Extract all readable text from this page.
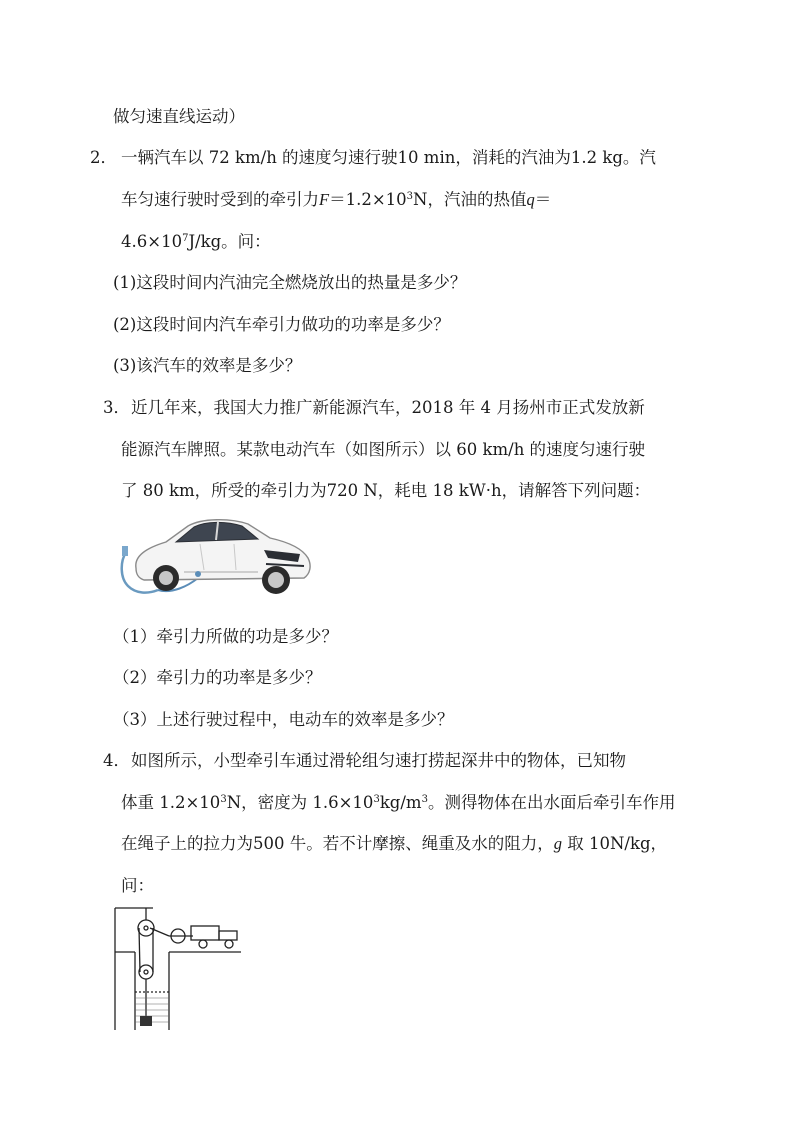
做匀速直线运动）
2． 一辆汽车以 72 km/h 的速度匀速行驶10 min，消耗的汽油为1.2 kg。汽
车匀速行驶时受到的牵引力$F=1.2\times 10^3N$，汽油的热值q＝
$4.6\times 10^7J/kg$。问：
(1)这段时间内汽油完全燃烧放出的热量是多少？
(2)这段时间内汽车牵引力做功的功率是多少？
(3)该汽车的效率是多少？
3． 近几年来，我国大力推广新能源汽车，2018 年 4 月扬州市正式发放新
能源汽车牌照。某款电动汽车（如图所示）以 60 km/h 的速度匀速行驶
了 80 km，所受的牵引力为720 N，耗电 18 kW·h，请解答下列问题：
（1）牵引力所做的功是多少？
（2）牵引力的功率是多少？
（3）上述行驶过程中，电动车的效率是多少？
4． 如图所示，小型牵引车通过滑轮组匀速打捞起深井中的物体，已知物
体重 $1.2\times 10^3N$，密度为 $1.6\times 10^3kg/m^3$。测得物体在出水面后牵引车作用
在绳子上的拉力为500 牛。若不计摩擦、绳重及水的阻力，g 取 10N/kg，
问：
